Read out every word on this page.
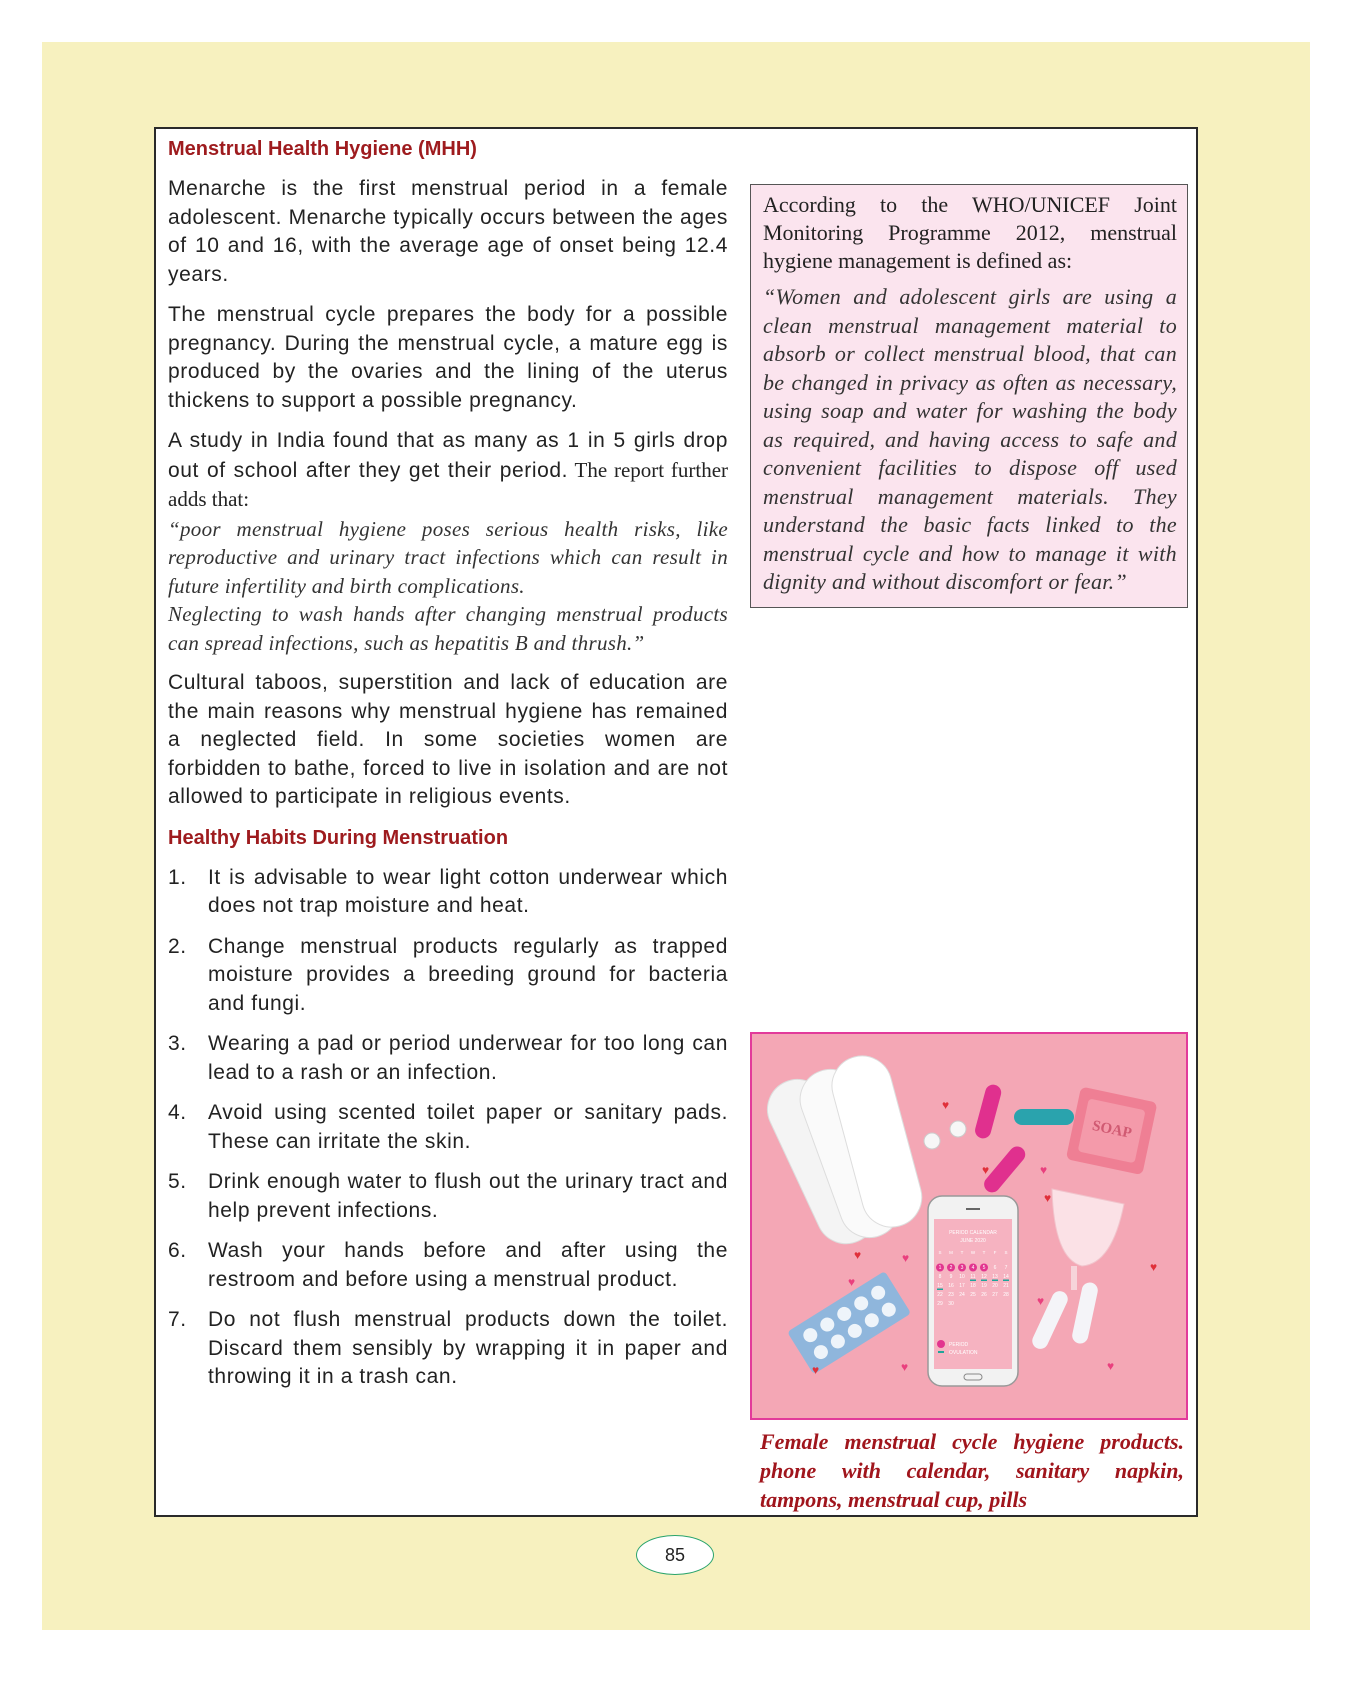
Menstrual Health Hygiene (MHH)

Menarche is the first menstrual period in a female adolescent. Menarche typically occurs between the ages of 10 and 16, with the average age of onset being 12.4 years.

The menstrual cycle prepares the body for a possible pregnancy. During the menstrual cycle, a mature egg is produced by the ovaries and the lining of the uterus thickens to support a possible pregnancy.

A study in India found that as many as 1 in 5 girls drop out of school after they get their period. The report further adds that:

“poor menstrual hygiene poses serious health risks, like reproductive and urinary tract infections which can result in future infertility and birth complications.

Neglecting to wash hands after changing menstrual products can spread infections, such as hepatitis B and thrush.”

Cultural taboos, superstition and lack of education are the main reasons why menstrual hygiene has remained a neglected field. In some societies women are forbidden to bathe, forced to live in isolation and are not allowed to participate in religious events.

Healthy Habits During Menstruation
1.	It is advisable to wear light cotton underwear which does not trap moisture and heat.
2.	Change menstrual products regularly as trapped moisture provides a breeding ground for bacteria and fungi.
3.	Wearing a pad or period underwear for too long can lead to a rash or an infection.
4.	Avoid using scented toilet paper or sanitary pads. These can irritate the skin.
5.	Drink enough water to flush out the urinary tract and help prevent infections.
6.	Wash your hands before and after using the restroom and before using a menstrual product.
7.	Do not flush menstrual products down the toilet. Discard them sensibly by wrapping it in paper and throwing it in a trash can.

According to the WHO/UNICEF Joint Monitoring Programme 2012, menstrual hygiene management is defined as:

“Women and adolescent girls are using a clean menstrual management material to absorb or collect menstrual blood, that can be changed in privacy as often as necessary, using soap and water for washing the body as required, and having access to safe and convenient facilities to dispose off used menstrual management materials. They understand the basic facts linked to the menstrual cycle and how to manage it with dignity and without discomfort or fear.”

SOAP
♥
♥
♥
♥
♥
♥
♥
♥
♥
♥
♥
♥
PERIOD CALENDAR
JUNE 2020
S M T W T F S
1 2 3 4 5 6 7
8 9 10 11 12 13 14
15 16 17 18 19 20 21
22 23 24 25 26 27 28
29 30
PERIOD
OVULATION
Female menstrual cycle hygiene products. phone with calendar, sanitary napkin, tampons, menstrual cup, pills
85
